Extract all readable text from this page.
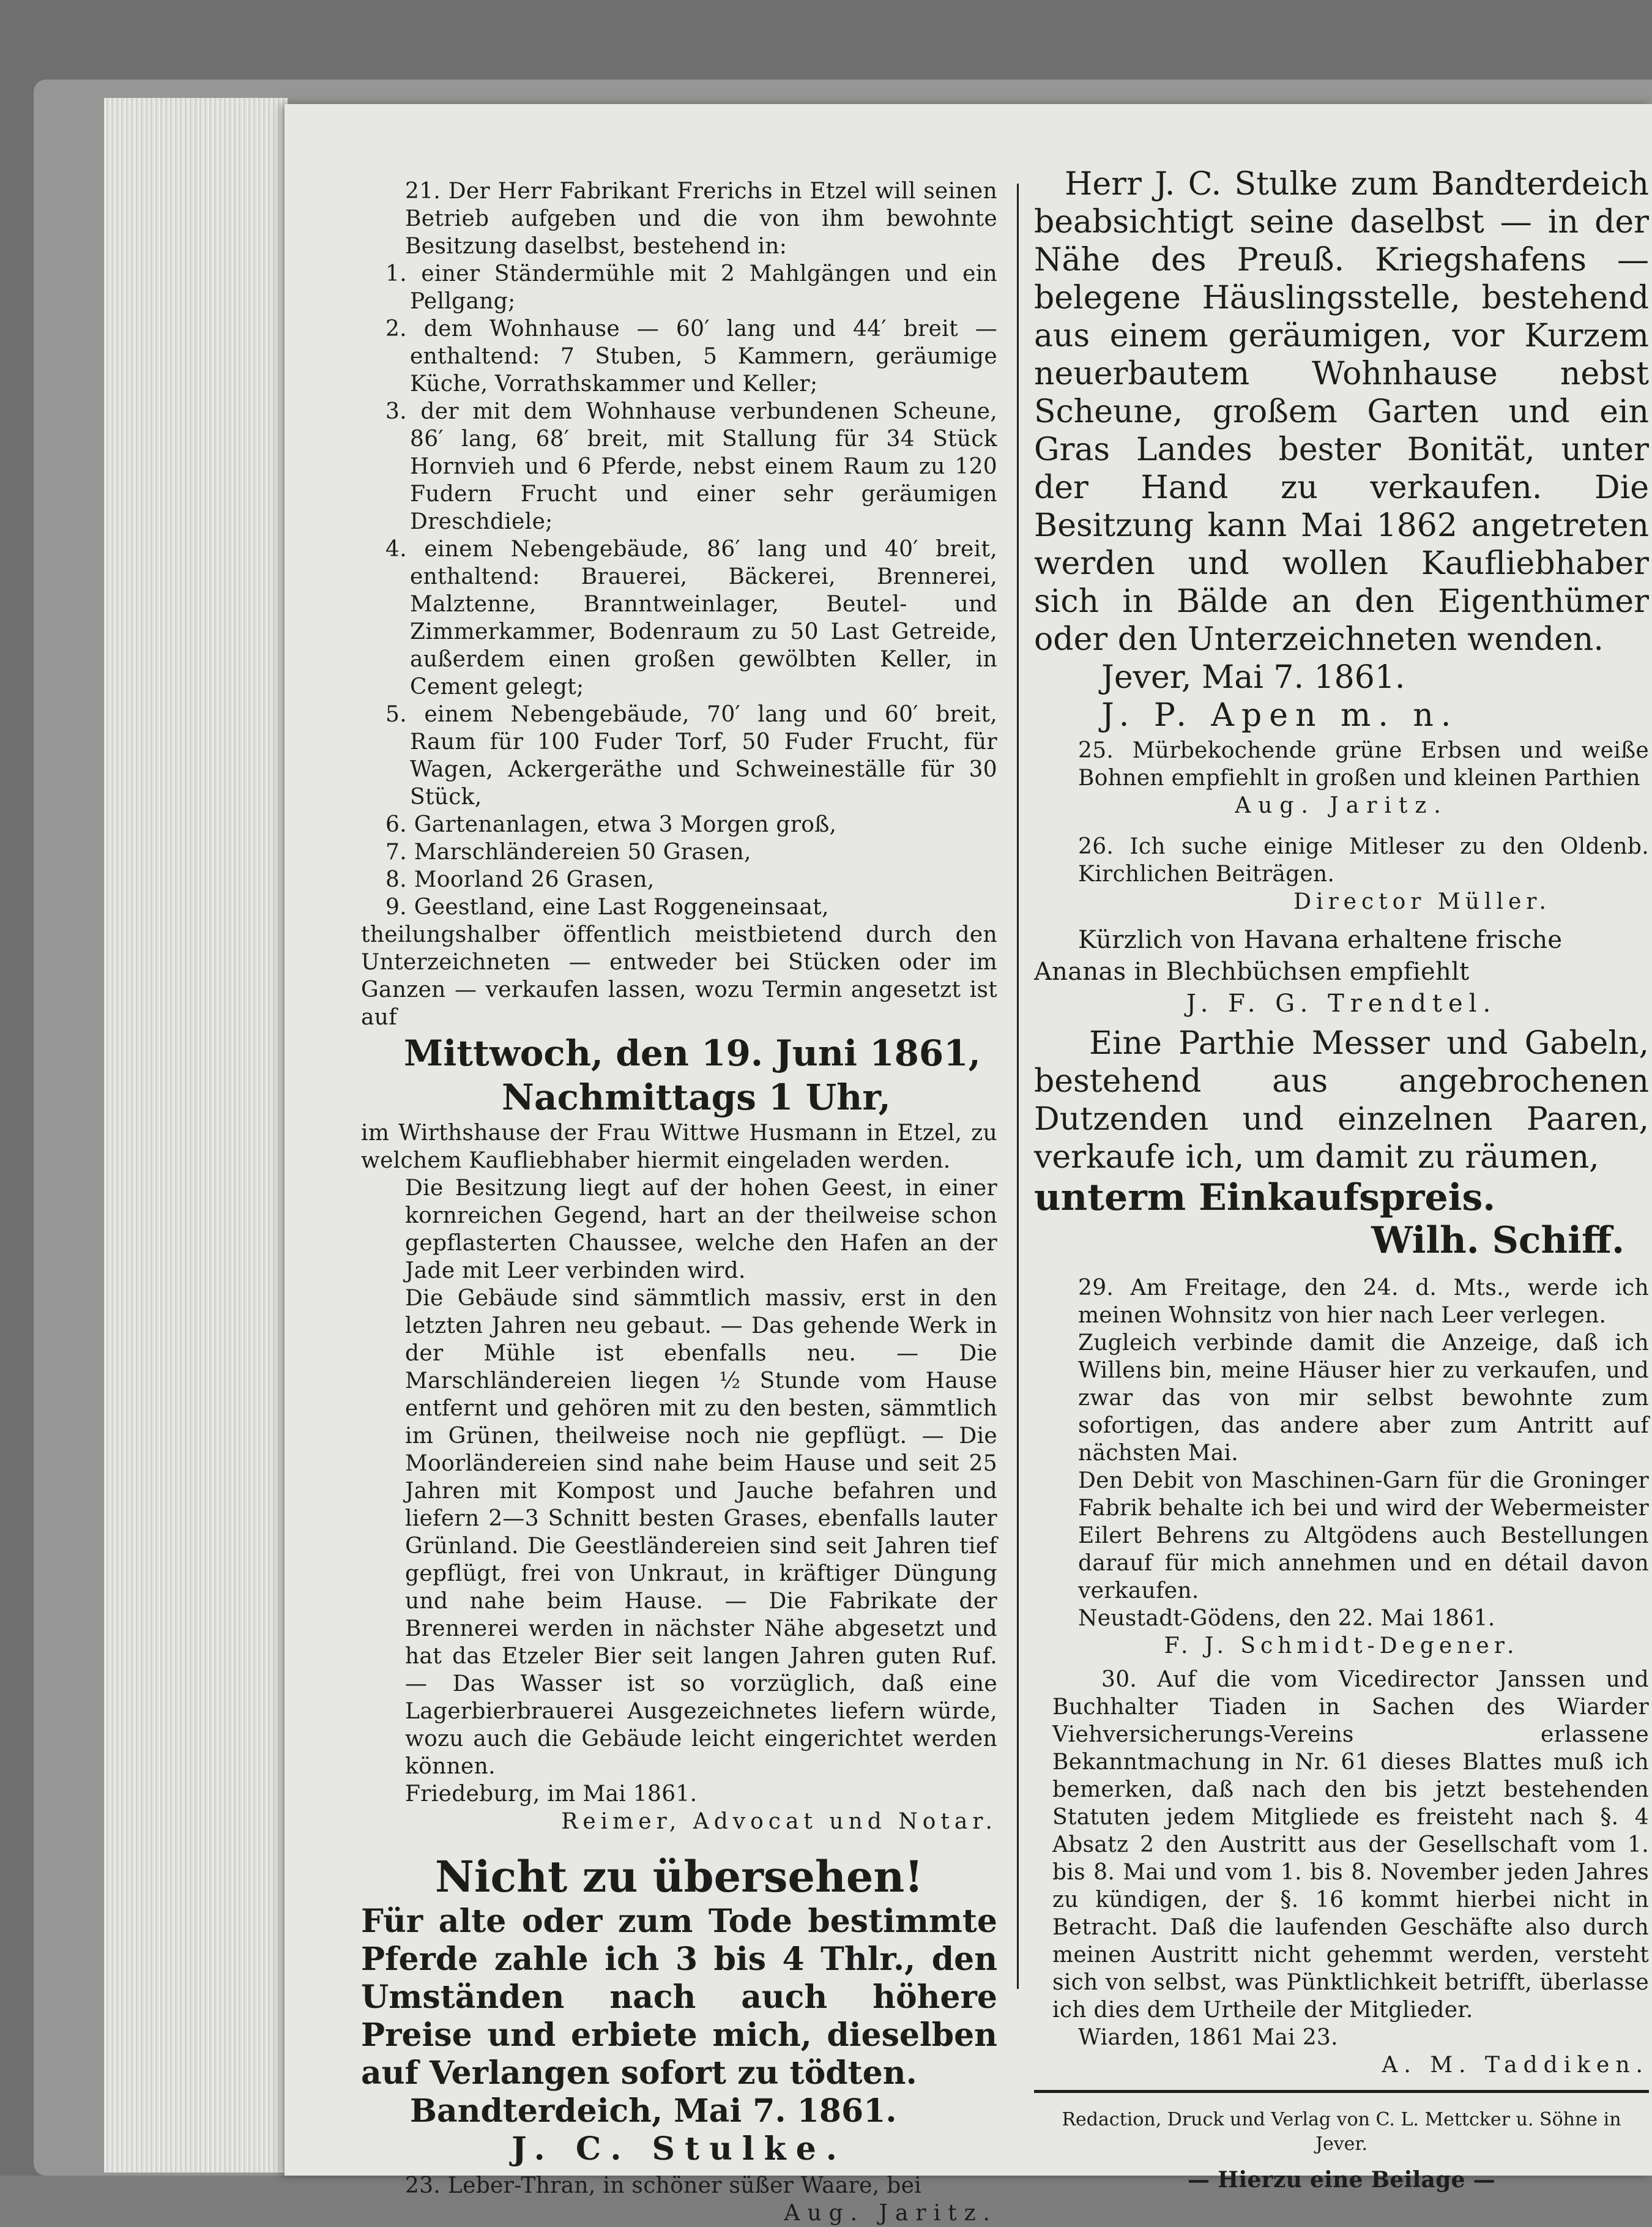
21. Der Herr Fabrikant Frerichs in Etzel will seinen Betrieb aufgeben und die von ihm bewohnte Besitzung daselbst, bestehend in:

1. einer Ständermühle mit 2 Mahlgängen und ein Pellgang;

2. dem Wohnhause — 60′ lang und 44′ breit — enthaltend: 7 Stuben, 5 Kammern, geräumige Küche, Vorrathskammer und Keller;

3. der mit dem Wohnhause verbundenen Scheune, 86′ lang, 68′ breit, mit Stallung für 34 Stück Hornvieh und 6 Pferde, nebst einem Raum zu 120 Fudern Frucht und einer sehr geräumigen Dreschdiele;

4. einem Nebengebäude, 86′ lang und 40′ breit, enthaltend: Brauerei, Bäckerei, Brennerei, Malztenne, Branntweinlager, Beutel- und Zimmerkammer, Bodenraum zu 50 Last Getreide, außerdem einen großen gewölbten Keller, in Cement gelegt;

5. einem Nebengebäude, 70′ lang und 60′ breit, Raum für 100 Fuder Torf, 50 Fuder Frucht, für Wagen, Ackergeräthe und Schweineställe für 30 Stück,

6. Gartenanlagen, etwa 3 Morgen groß,

7. Marschländereien 50 Grasen,

8. Moorland 26 Grasen,

9. Geestland, eine Last Roggeneinsaat,

theilungshalber öffentlich meistbietend durch den Unterzeichneten — entweder bei Stücken oder im Ganzen — verkaufen lassen, wozu Termin angesetzt ist auf

Mittwoch, den 19. Juni 1861,

Nachmittags 1 Uhr,

im Wirthshause der Frau Wittwe Husmann in Etzel, zu welchem Kaufliebhaber hiermit eingeladen werden.

Die Besitzung liegt auf der hohen Geest, in einer kornreichen Gegend, hart an der theilweise schon gepflasterten Chaussee, welche den Hafen an der Jade mit Leer verbinden wird.

Die Gebäude sind sämmtlich massiv, erst in den letzten Jahren neu gebaut. — Das gehende Werk in der Mühle ist ebenfalls neu. — Die Marschländereien liegen ½ Stunde vom Hause entfernt und gehören mit zu den besten, sämmtlich im Grünen, theilweise noch nie gepflügt. — Die Moorländereien sind nahe beim Hause und seit 25 Jahren mit Kompost und Jauche befahren und liefern 2—3 Schnitt besten Grases, ebenfalls lauter Grünland. Die Geestländereien sind seit Jahren tief gepflügt, frei von Unkraut, in kräftiger Düngung und nahe beim Hause. — Die Fabrikate der Brennerei werden in nächster Nähe abgesetzt und hat das Etzeler Bier seit langen Jahren guten Ruf. — Das Wasser ist so vorzüglich, daß eine Lagerbierbrauerei Ausgezeichnetes liefern würde, wozu auch die Gebäude leicht eingerichtet werden können.

Friedeburg, im Mai 1861.

Reimer, Advocat und Notar.

Nicht zu übersehen!

Für alte oder zum Tode bestimmte Pferde zahle ich 3 bis 4 Thlr., den Umständen nach auch höhere Preise und erbiete mich, dieselben auf Verlangen sofort zu tödten.

Bandterdeich, Mai 7. 1861.

J. C. Stulke.

23. Leber-Thran, in schöner süßer Waare, bei

Aug. Jaritz.

Herr J. C. Stulke zum Bandterdeich beabsichtigt seine daselbst — in der Nähe des Preuß. Kriegshafens — belegene Häuslingsstelle, bestehend aus einem geräumigen, vor Kurzem neuerbautem Wohnhause nebst Scheune, großem Garten und ein Gras Landes bester Bonität, unter der Hand zu verkaufen. Die Besitzung kann Mai 1862 angetreten werden und wollen Kaufliebhaber sich in Bälde an den Eigenthümer oder den Unterzeichneten wenden.

Jever, Mai 7. 1861.

J. P. Apen m. n.

25. Mürbekochende grüne Erbsen und weiße Bohnen empfiehlt in großen und kleinen Parthien

Aug. Jaritz.

26. Ich suche einige Mitleser zu den Oldenb. Kirchlichen Beiträgen.

Director Müller.

Kürzlich von Havana erhaltene frische

Ananas in Blechbüchsen empfiehlt

J. F. G. Trendtel.

Eine Parthie Messer und Gabeln, bestehend aus angebrochenen Dutzenden und einzelnen Paaren, verkaufe ich, um damit zu räumen,

unterm Einkaufspreis.

Wilh. Schiff.

29. Am Freitage, den 24. d. Mts., werde ich meinen Wohnsitz von hier nach Leer verlegen.

Zugleich verbinde damit die Anzeige, daß ich Willens bin, meine Häuser hier zu verkaufen, und zwar das von mir selbst bewohnte zum sofortigen, das andere aber zum Antritt auf nächsten Mai.

Den Debit von Maschinen-Garn für die Groninger Fabrik behalte ich bei und wird der Webermeister Eilert Behrens zu Altgödens auch Bestellungen darauf für mich annehmen und en détail davon verkaufen.

Neustadt-Gödens, den 22. Mai 1861.

F. J. Schmidt-Degener.

30. Auf die vom Vicedirector Janssen und Buchhalter Tiaden in Sachen des Wiarder Viehversicherungs-Vereins erlassene Bekanntmachung in Nr. 61 dieses Blattes muß ich bemerken, daß nach den bis jetzt bestehenden Statuten jedem Mitgliede es freisteht nach §. 4 Absatz 2 den Austritt aus der Gesellschaft vom 1. bis 8. Mai und vom 1. bis 8. November jeden Jahres zu kündigen, der §. 16 kommt hierbei nicht in Betracht. Daß die laufenden Geschäfte also durch meinen Austritt nicht gehemmt werden, versteht sich von selbst, was Pünktlichkeit betrifft, überlasse ich dies dem Urtheile der Mitglieder.

Wiarden, 1861 Mai 23.

A. M. Taddiken.

Redaction, Druck und Verlag von C. L. Mettcker u. Söhne in Jever.

— Hierzu eine Beilage —
